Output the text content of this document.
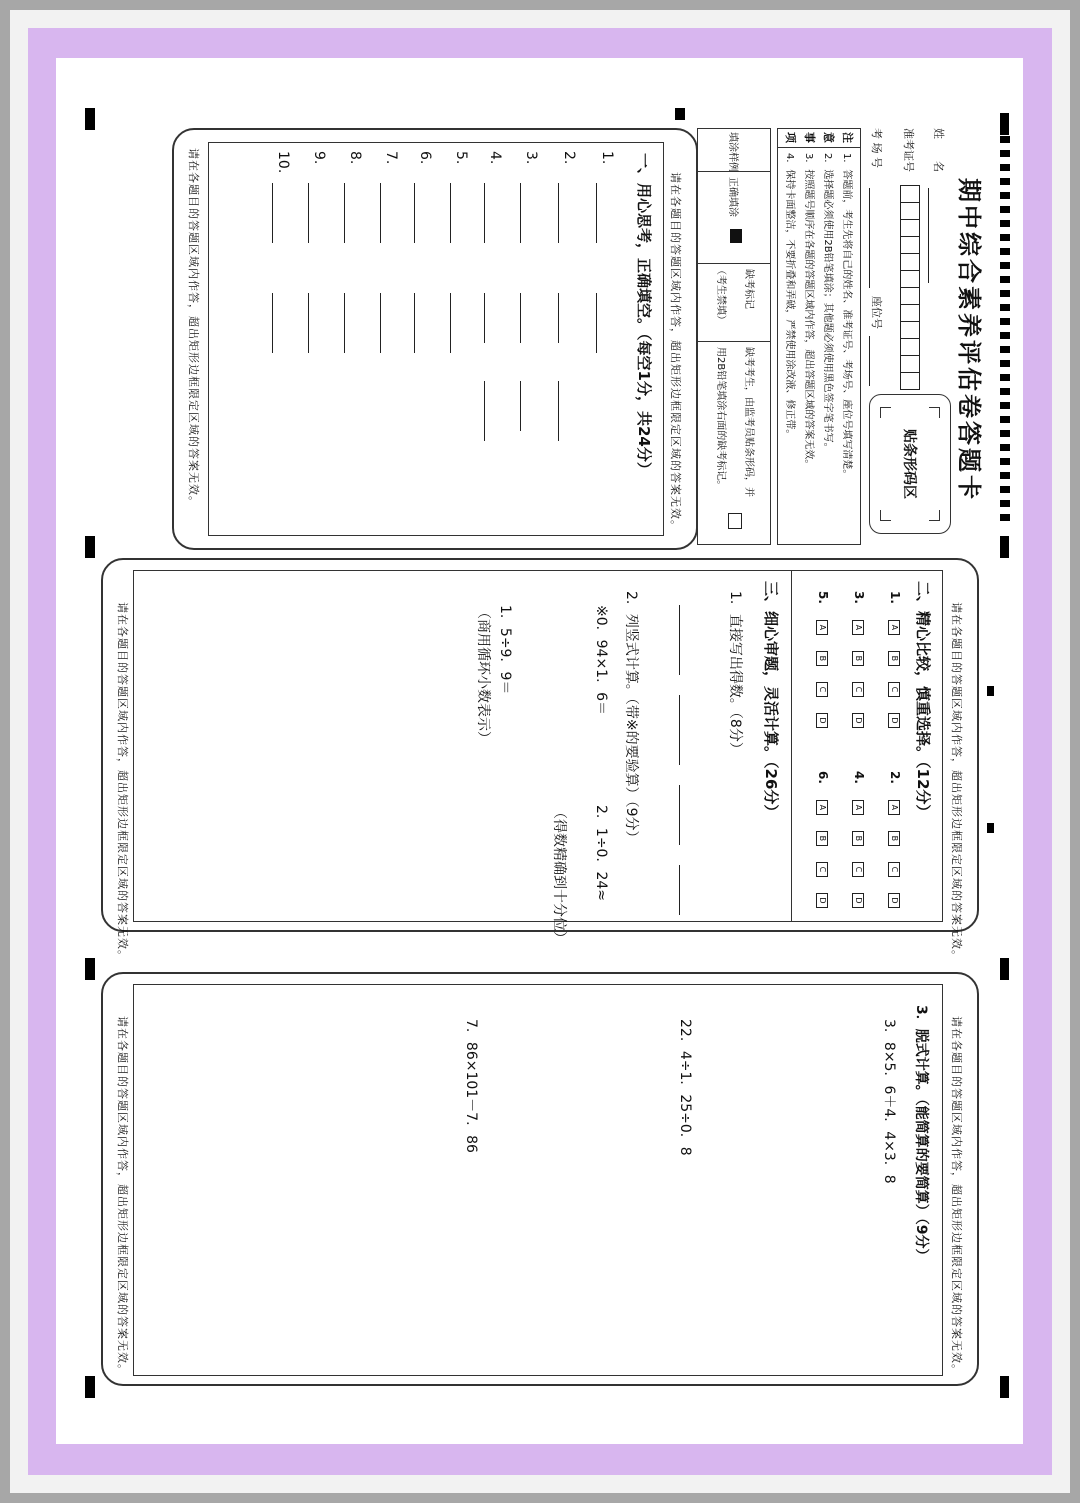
期中综合素养评估卷答题卡
姓　　名
准考证号
考 场 号
座位号
贴条形码区
注
意
事
项
1．答题前，考生先将自己的姓名、准考证号、考场号、座位号填写清楚。
2．选择题必须使用2B铅笔填涂；其他题必须使用黑色签字笔书写。
3．按照题号顺序在各题的答题区域内作答，超出答题区域的答案无效。
4．保持卡面整洁，不要折叠和弄破，严禁使用涂改液、修正带。
填涂样例
正确填涂
缺考标记
（考生禁填）
缺考考生，由监考员贴条形码，并
用2B铅笔填涂右面的缺考标记。
请在各题目的答题区域内作答，超出矩形边框限定区域的答案无效。
请在各题目的答题区域内作答，超出矩形边框限定区域的答案无效。	一、用心思考，正确填空。（每空1分，共24分）
1.
2.
3.
4.
5.
6.
7.
8.
9.
10.
请在各题目的答题区域内作答，超出矩形边框限定区域的答案无效。
请在各题目的答题区域内作答，超出矩形边框限定区域的答案无效。	二、精心比较，慎重选择。（12分）
1.ABCD
2.ABCD
3.ABCD
4.ABCD
5.ABCD
6.ABCD
三、细心审题，灵活计算。（26分）
1．直接写出得数。（8分）
2．列竖式计算。（带※的要验算）（9分）
※0．94×1．6＝
2．1÷0．24≈
（得数精确到十分位）
1．5÷9．9＝
（商用循环小数表示）
请在各题目的答题区域内作答，超出矩形边框限定区域的答案无效。
请在各题目的答题区域内作答，超出矩形边框限定区域的答案无效。	3．脱式计算。（能简算的要简算）（9分）
3．8×5．6＋4．4×3．8
22．4÷1．25÷0．8
7．86×101－7．86
